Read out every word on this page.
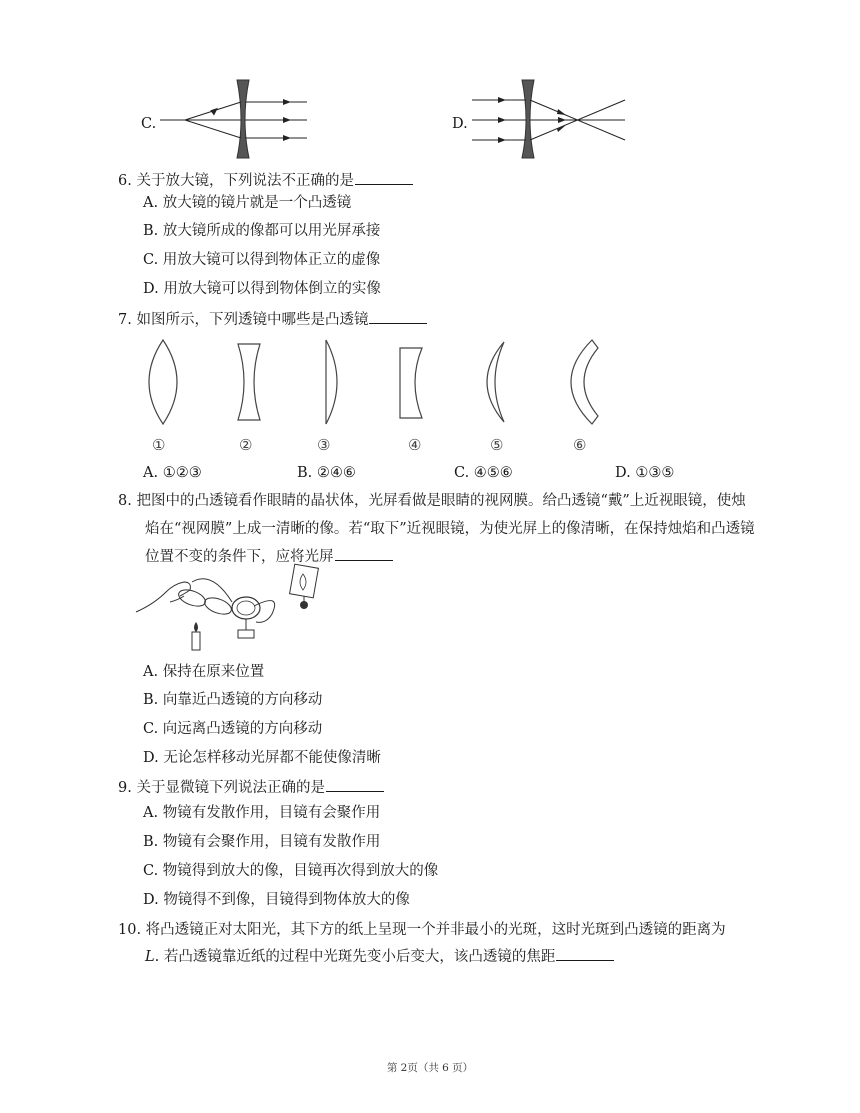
C.	D.
6. 关于放大镜，下列说法不正确的是
A. 放大镜的镜片就是一个凸透镜
B. 放大镜所成的像都可以用光屏承接
C. 用放大镜可以得到物体正立的虚像
D. 用放大镜可以得到物体倒立的实像
7. 如图所示，下列透镜中哪些是凸透镜
①	②	③	④	⑤	⑥
A. ①②③	B. ②④⑥	C. ④⑤⑥	D. ①③⑤
8. 把图中的凸透镜看作眼睛的晶状体，光屏看做是眼睛的视网膜。给凸透镜“戴”上近视眼镜，使烛
焰在“视网膜”上成一清晰的像。若“取下”近视眼镜，为使光屏上的像清晰，在保持烛焰和凸透镜
位置不变的条件下，应将光屏
A. 保持在原来位置
B. 向靠近凸透镜的方向移动
C. 向远离凸透镜的方向移动
D. 无论怎样移动光屏都不能使像清晰
9. 关于显微镜下列说法正确的是
A. 物镜有发散作用，目镜有会聚作用
B. 物镜有会聚作用，目镜有发散作用
C. 物镜得到放大的像，目镜再次得到放大的像
D. 物镜得不到像，目镜得到物体放大的像
10. 将凸透镜正对太阳光，其下方的纸上呈现一个并非最小的光斑，这时光斑到凸透镜的距离为
L. 若凸透镜靠近纸的过程中光斑先变小后变大，该凸透镜的焦距
第 2页（共 6 页）
